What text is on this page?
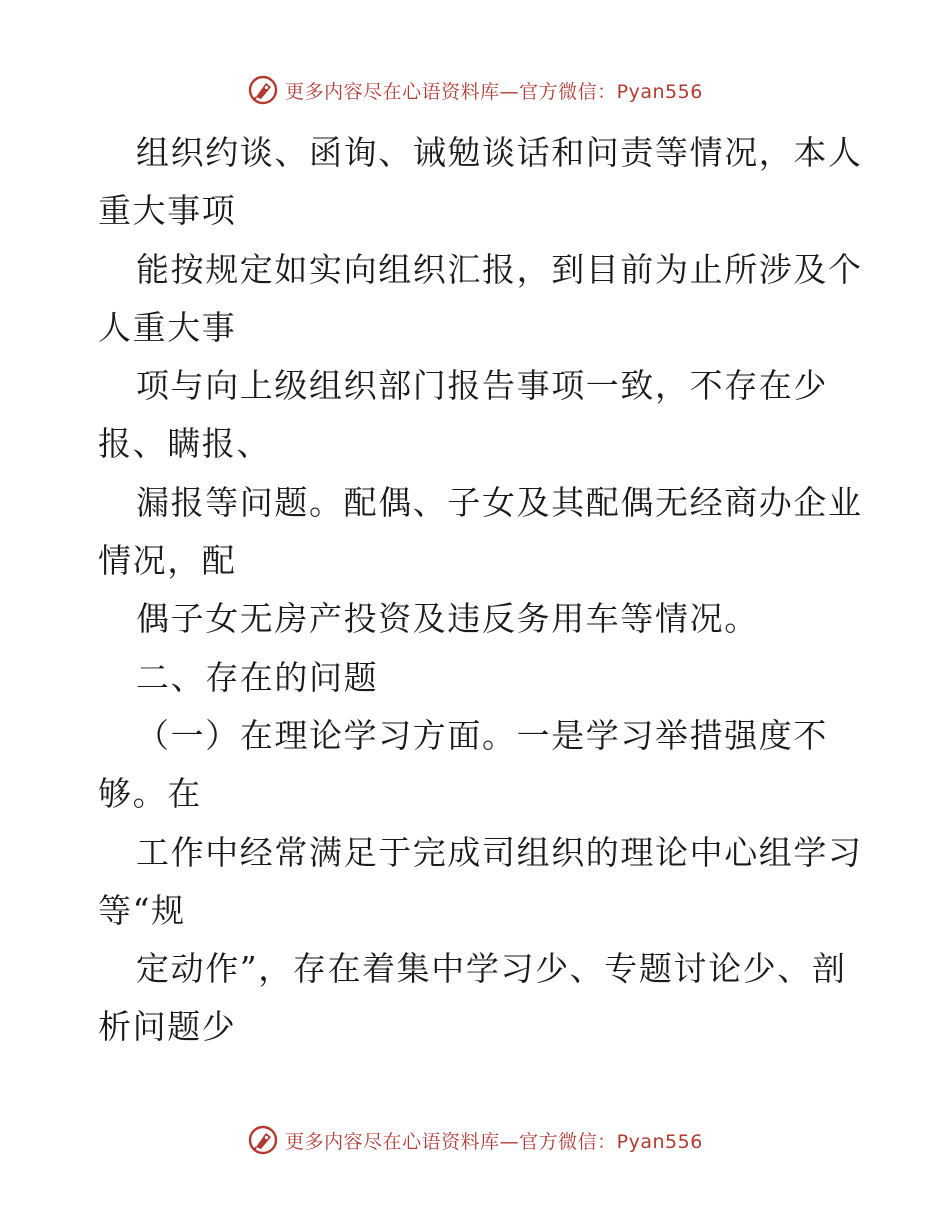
更多内容尽在心语资料库—官方微信：Pyan556

组织约谈、函询、诫勉谈话和问责等情况，本人

重大事项

能按规定如实向组织汇报，到目前为止所涉及个

人重大事

项与向上级组织部门报告事项一致，不存在少

报、瞒报、

漏报等问题。配偶、子女及其配偶无经商办企业

情况，配

偶子女无房产投资及违反务用车等情况。

二、存在的问题

（一）在理论学习方面。一是学习举措强度不

够。在

工作中经常满足于完成司组织的理论中心组学习

等“规

定动作”，存在着集中学习少、专题讨论少、剖

析问题少

更多内容尽在心语资料库—官方微信：Pyan556
